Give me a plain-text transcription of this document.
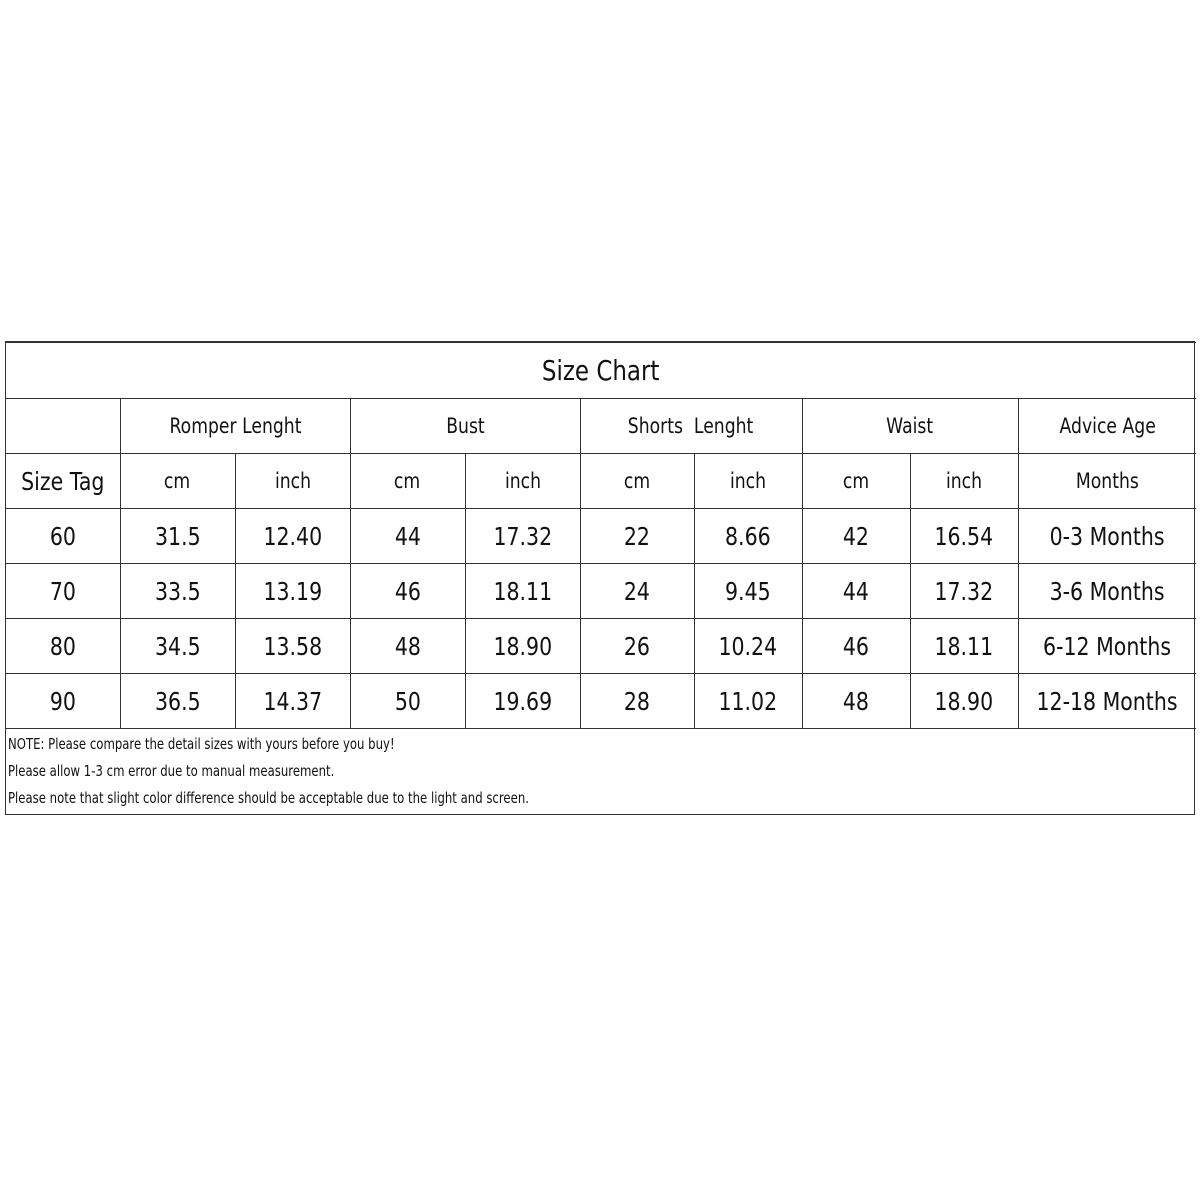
Size Chart									
	Romper Lenght		Bust		Shorts  Lenght		Waist		Advice Age
Size Tag	cm	inch	cm	inch	cm	inch	cm	inch	Months
60	31.5	12.40	44	17.32	22	8.66	42	16.54	0-3 Months
70	33.5	13.19	46	18.11	24	9.45	44	17.32	3-6 Months
80	34.5	13.58	48	18.90	26	10.24	46	18.11	6-12 Months
90	36.5	14.37	50	19.69	28	11.02	48	18.90	12-18 Months
NOTE: Please compare the detail sizes with yours before you buy!
Please allow 1-3 cm error due to manual measurement.
Please note that slight color difference should be acceptable due to the light and screen.
